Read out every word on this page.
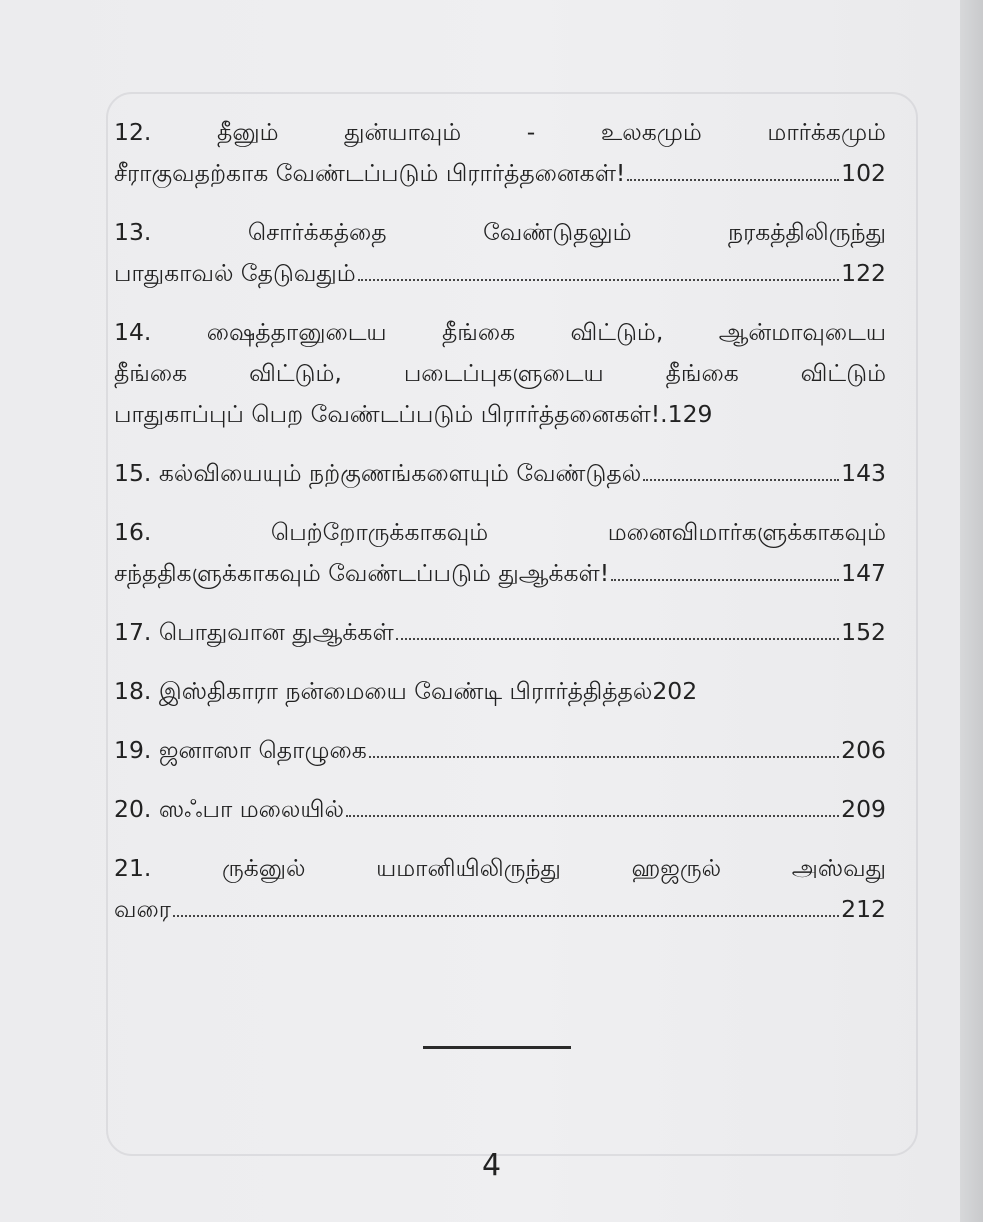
12.	தீனும்	துன்யாவும்	-	உலகமும்	மார்க்கமும்
சீராகுவதற்காக வேண்டப்படும் பிரார்த்தனைகள்!	102
13.	சொர்க்கத்தை	வேண்டுதலும்	நரகத்திலிருந்து
பாதுகாவல் தேடுவதும்	122
14. ஷைத்தானுடைய தீங்கை விட்டும், ஆன்மாவுடைய
தீங்கை	விட்டும்,	படைப்புகளுடைய	தீங்கை	விட்டும்
பாதுகாப்புப் பெற வேண்டப்படும் பிரார்த்தனைகள்!. 129
15. கல்வியையும் நற்குணங்களையும் வேண்டுதல்	143
16.	பெற்றோருக்காகவும்	மனைவிமார்களுக்காகவும்
சந்ததிகளுக்காகவும் வேண்டப்படும் துஆக்கள்!	147
17. பொதுவான துஆக்கள்	152
18. இஸ்திகாரா நன்மையை வேண்டி பிரார்த்தித்தல் 202
19. ஜனாஸா தொழுகை	206
20. ஸஃபா மலையில்	209
21.	ருக்னுல்	யமானியிலிருந்து	ஹஜருல்	அஸ்வது
வரை	212
4
